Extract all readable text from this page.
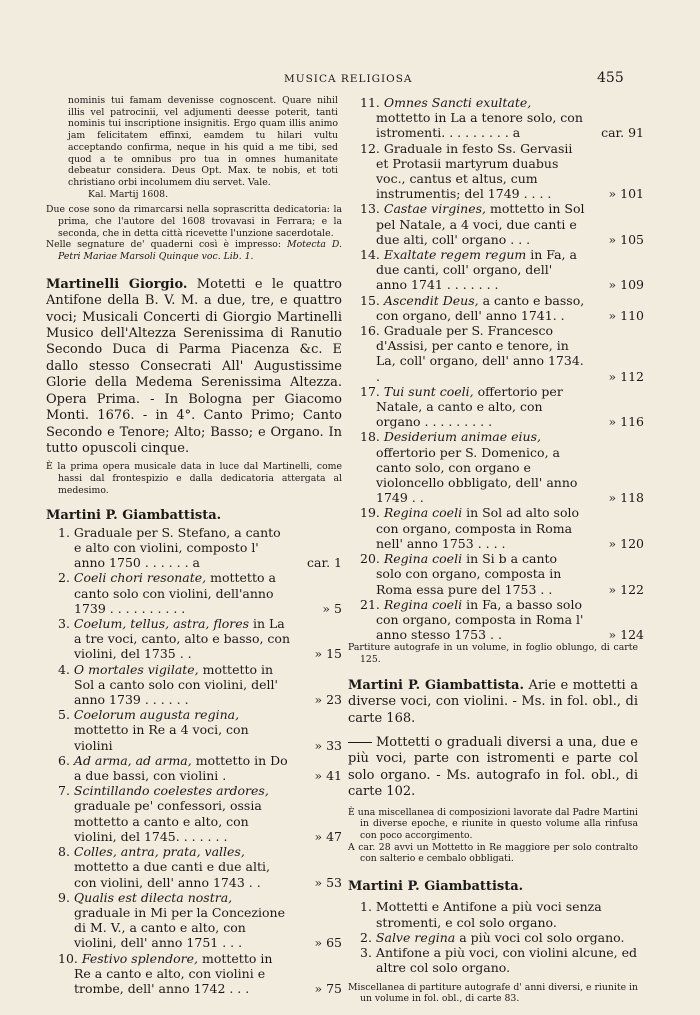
MUSICA RELIGIOSA	455

nominis tui famam devenisse cognoscent. Quare nihil illis vel patrocinii, vel adjumenti deesse poterit, tanti nominis tui inscriptione insignitis. Ergo quam illis animo jam felicitatem effinxi, eamdem tu hilari vultu acceptando confirma, neque in his quid a me tibi, sed quod a te omnibus pro tua in omnes humanitate debeatur considera. Deus Opt. Max. te nobis, et toti christiano orbi incolumem diu servet. Vale.

Kal. Martij 1608.

Due cose sono da rimarcarsi nella soprascritta dedicatoria: la prima, che l'autore del 1608 trovavasi in Ferrara; e la seconda, che in detta città ricevette l'unzione sacerdotale.

Nelle segnature de' quaderni così è impresso: Motecta D. Petri Mariae Marsoli Quinque voc. Lib. 1.

Martinelli Giorgio. Motetti e le quattro Antifone della B. V. M. a due, tre, e quattro voci; Musicali Concerti di Giorgio Martinelli Musico dell'Altezza Serenissima di Ranutio Secondo Duca di Parma Piacenza &c. E dallo stesso Consecrati All' Augustissime Glorie della Medema Serenissima Altezza. Opera Prima. - In Bologna per Giacomo Monti. 1676. - in 4°. Canto Primo; Canto Secondo e Tenore; Alto; Basso; e Organo. In tutto opuscoli cinque.

È la prima opera musicale data in luce dal Martinelli, come hassi dal frontespizio e dalla dedicatoria attergata al medesimo.

Martini P. Giambattista.

1. Graduale per S. Stefano, a canto e alto con violini, composto l' anno 1750 . . . . . . a	car. 1

2. Coeli chori resonate, mottetto a canto solo con violini, dell'anno 1739 . . . . . . . . . .	» 5

3. Coelum, tellus, astra, flores in La a tre voci, canto, alto e basso, con violini, del 1735 . .	» 15

4. O mortales vigilate, mottetto in Sol a canto solo con violini, dell' anno 1739 . . . . . .	» 23

5. Coelorum augusta regina, mottetto in Re a 4 voci, con violini	» 33

6. Ad arma, ad arma, mottetto in Do a due bassi, con violini .	» 41

7. Scintillando coelestes ardores, graduale pe' confessori, ossia mottetto a canto e alto, con violini, del 1745. . . . . . .	» 47

8. Colles, antra, prata, valles, mottetto a due canti e due alti, con violini, dell' anno 1743 . .	» 53

9. Qualis est dilecta nostra, graduale in Mi per la Concezione di M. V., a canto e alto, con violini, dell' anno 1751 . . .	» 65

10. Festivo splendore, mottetto in Re a canto e alto, con violini e trombe, dell' anno 1742 . . .	» 75

11. Omnes Sancti exultate, mottetto in La a tenore solo, con istromenti. . . . . . . . . a	car. 91

12. Graduale in festo Ss. Gervasii et Protasii martyrum duabus voc., cantus et altus, cum instrumentis; del 1749 . . . .	» 101

13. Castae virgines, mottetto in Sol pel Natale, a 4 voci, due canti e due alti, coll' organo . . .	» 105

14. Exaltate regem regum in Fa, a due canti, coll' organo, dell' anno 1741 . . . . . . .	» 109

15. Ascendit Deus, a canto e basso, con organo, dell' anno 1741. .	» 110

16. Graduale per S. Francesco d'Assisi, per canto e tenore, in La, coll' organo, dell' anno 1734. .	» 112

17. Tui sunt coeli, offertorio per Natale, a canto e alto, con organo . . . . . . . . .	» 116

18. Desiderium animae eius, offertorio per S. Domenico, a canto solo, con organo e violoncello obbligato, dell' anno 1749 . .	» 118

19. Regina coeli in Sol ad alto solo con organo, composta in Roma nell' anno 1753 . . . .	» 120

20. Regina coeli in Si b a canto solo con organo, composta in Roma essa pure del 1753 . .	» 122

21. Regina coeli in Fa, a basso solo con organo, composta in Roma l' anno stesso 1753 . .	» 124

Partiture autografe in un volume, in foglio oblungo, di carte 125.

Martini P. Giambattista. Arie e mottetti a diverse voci, con violini. - Ms. in fol. obl., di carte 168.

Mottetti o graduali diversi a una, due e più voci, parte con istromenti e parte col solo organo. - Ms. autografo in fol. obl., di carte 102.

È una miscellanea di composizioni lavorate dal Padre Martini in diverse epoche, e riunite in questo volume alla rinfusa con poco accorgimento.

A car. 28 avvi un Mottetto in Re maggiore per solo contralto con salterio e cembalo obbligati.

Martini P. Giambattista.

1. Mottetti e Antifone a più voci senza stromenti, e col solo organo.

2. Salve regina a più voci col solo organo.

3. Antifone a più voci, con violini alcune, ed altre col solo organo.

Miscellanea di partiture autografe d' anni diversi, e riunite in un volume in fol. obl., di carte 83.
